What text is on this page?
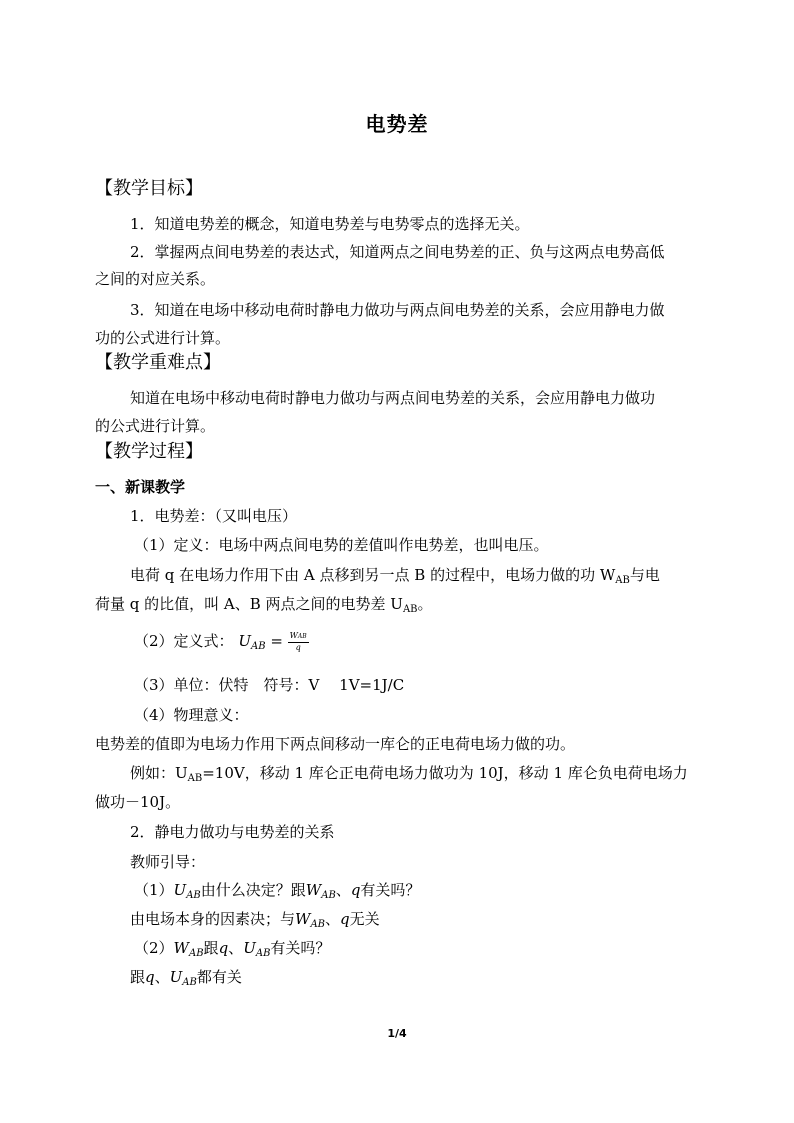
电势差
【教学目标】
1．知道电势差的概念，知道电势差与电势零点的选择无关。
2．掌握两点间电势差的表达式，知道两点之间电势差的正、负与这两点电势高低
之间的对应关系。
3．知道在电场中移动电荷时静电力做功与两点间电势差的关系，会应用静电力做
功的公式进行计算。
【教学重难点】
知道在电场中移动电荷时静电力做功与两点间电势差的关系，会应用静电力做功
的公式进行计算。
【教学过程】
一、新课教学
1．电势差：（又叫电压）
（1）定义：电场中两点间电势的差值叫作电势差，也叫电压。
电荷 q 在电场力作用下由 A 点移到另一点 B 的过程中，电场力做的功 $W_{AB}$与电
荷量 q 的比值，叫 A、B 两点之间的电势差 $U_{AB}$。
（2）定义式： $U_{AB} = \frac{\text{WAB}}{q}$
（3）单位：伏特　符号：V　 1V=1J/C
（4）物理意义：
电势差的值即为电场力作用下两点间移动一库仑的正电荷电场力做的功。
例如：$U_{AB}=10V$，移动 1 库仑正电荷电场力做功为 10J，移动 1 库仑负电荷电场力
做功－10J。
2．静电力做功与电势差的关系
教师引导：
$(1)U_{AB}$由什么决定？跟$W_{AB}$、q有关吗？
由电场本身的因素决；与$W_{AB}$、q无关
$(2)W_{AB}$跟q、$U_{AB}$有关吗？
跟q、$U_{AB}$都有关
1/4
